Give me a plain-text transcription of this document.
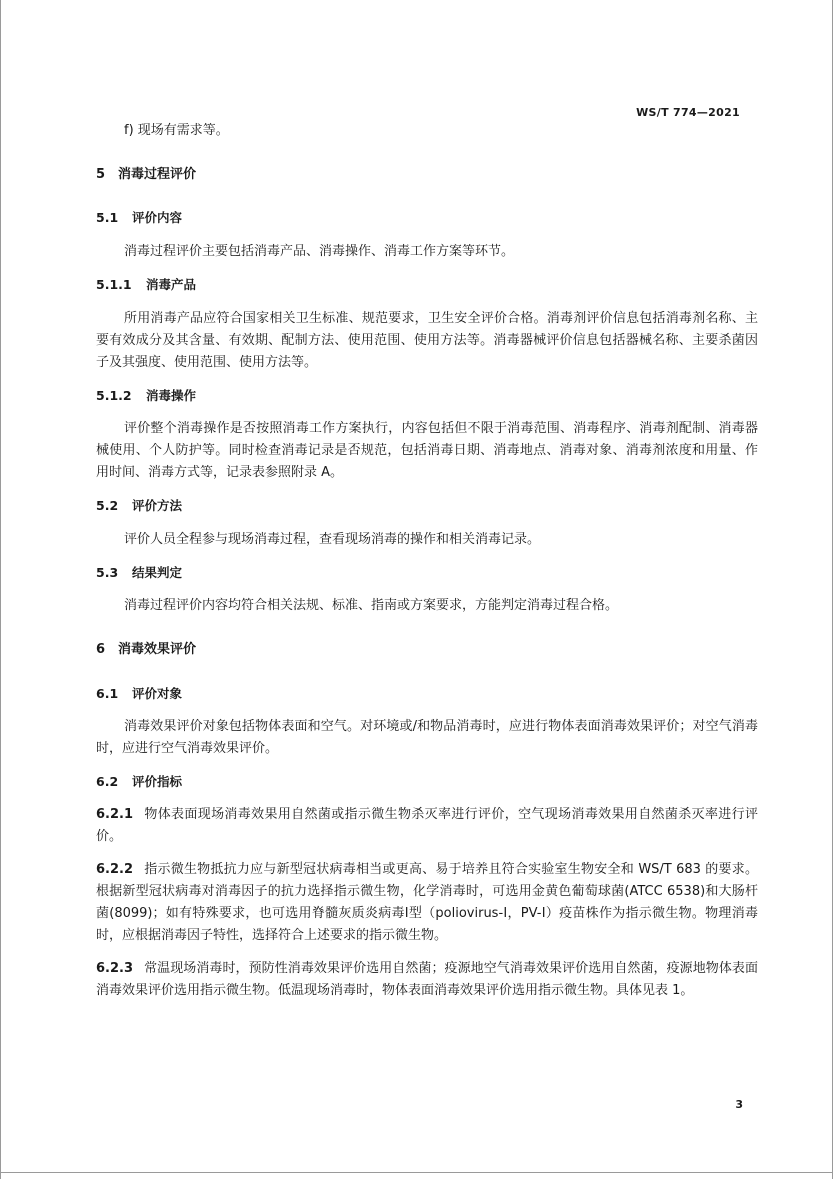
WS/T 774—2021
f) 现场有需求等。
5 消毒过程评价
5.1 评价内容
消毒过程评价主要包括消毒产品、消毒操作、消毒工作方案等环节。
5.1.1 消毒产品
所用消毒产品应符合国家相关卫生标准、规范要求，卫生安全评价合格。消毒剂评价信息包括消毒剂名称、主要有效成分及其含量、有效期、配制方法、使用范围、使用方法等。消毒器械评价信息包括器械名称、主要杀菌因子及其强度、使用范围、使用方法等。
5.1.2 消毒操作
评价整个消毒操作是否按照消毒工作方案执行，内容包括但不限于消毒范围、消毒程序、消毒剂配制、消毒器械使用、个人防护等。同时检查消毒记录是否规范，包括消毒日期、消毒地点、消毒对象、消毒剂浓度和用量、作用时间、消毒方式等，记录表参照附录 A。
5.2 评价方法
评价人员全程参与现场消毒过程，查看现场消毒的操作和相关消毒记录。
5.3 结果判定
消毒过程评价内容均符合相关法规、标准、指南或方案要求，方能判定消毒过程合格。
6 消毒效果评价
6.1 评价对象
消毒效果评价对象包括物体表面和空气。对环境或/和物品消毒时，应进行物体表面消毒效果评价；对空气消毒时，应进行空气消毒效果评价。
6.2 评价指标
6.2.1 物体表面现场消毒效果用自然菌或指示微生物杀灭率进行评价，空气现场消毒效果用自然菌杀灭率进行评价。
6.2.2 指示微生物抵抗力应与新型冠状病毒相当或更高、易于培养且符合实验室生物安全和 WS/T 683 的要求。根据新型冠状病毒对消毒因子的抗力选择指示微生物，化学消毒时，可选用金黄色葡萄球菌(ATCC 6538)和大肠杆菌(8099)；如有特殊要求，也可选用脊髓灰质炎病毒Ⅰ型（poliovirus-Ⅰ，PV-Ⅰ）疫苗株作为指示微生物。物理消毒时，应根据消毒因子特性，选择符合上述要求的指示微生物。
6.2.3 常温现场消毒时，预防性消毒效果评价选用自然菌；疫源地空气消毒效果评价选用自然菌，疫源地物体表面消毒效果评价选用指示微生物。低温现场消毒时，物体表面消毒效果评价选用指示微生物。具体见表 1。
3
